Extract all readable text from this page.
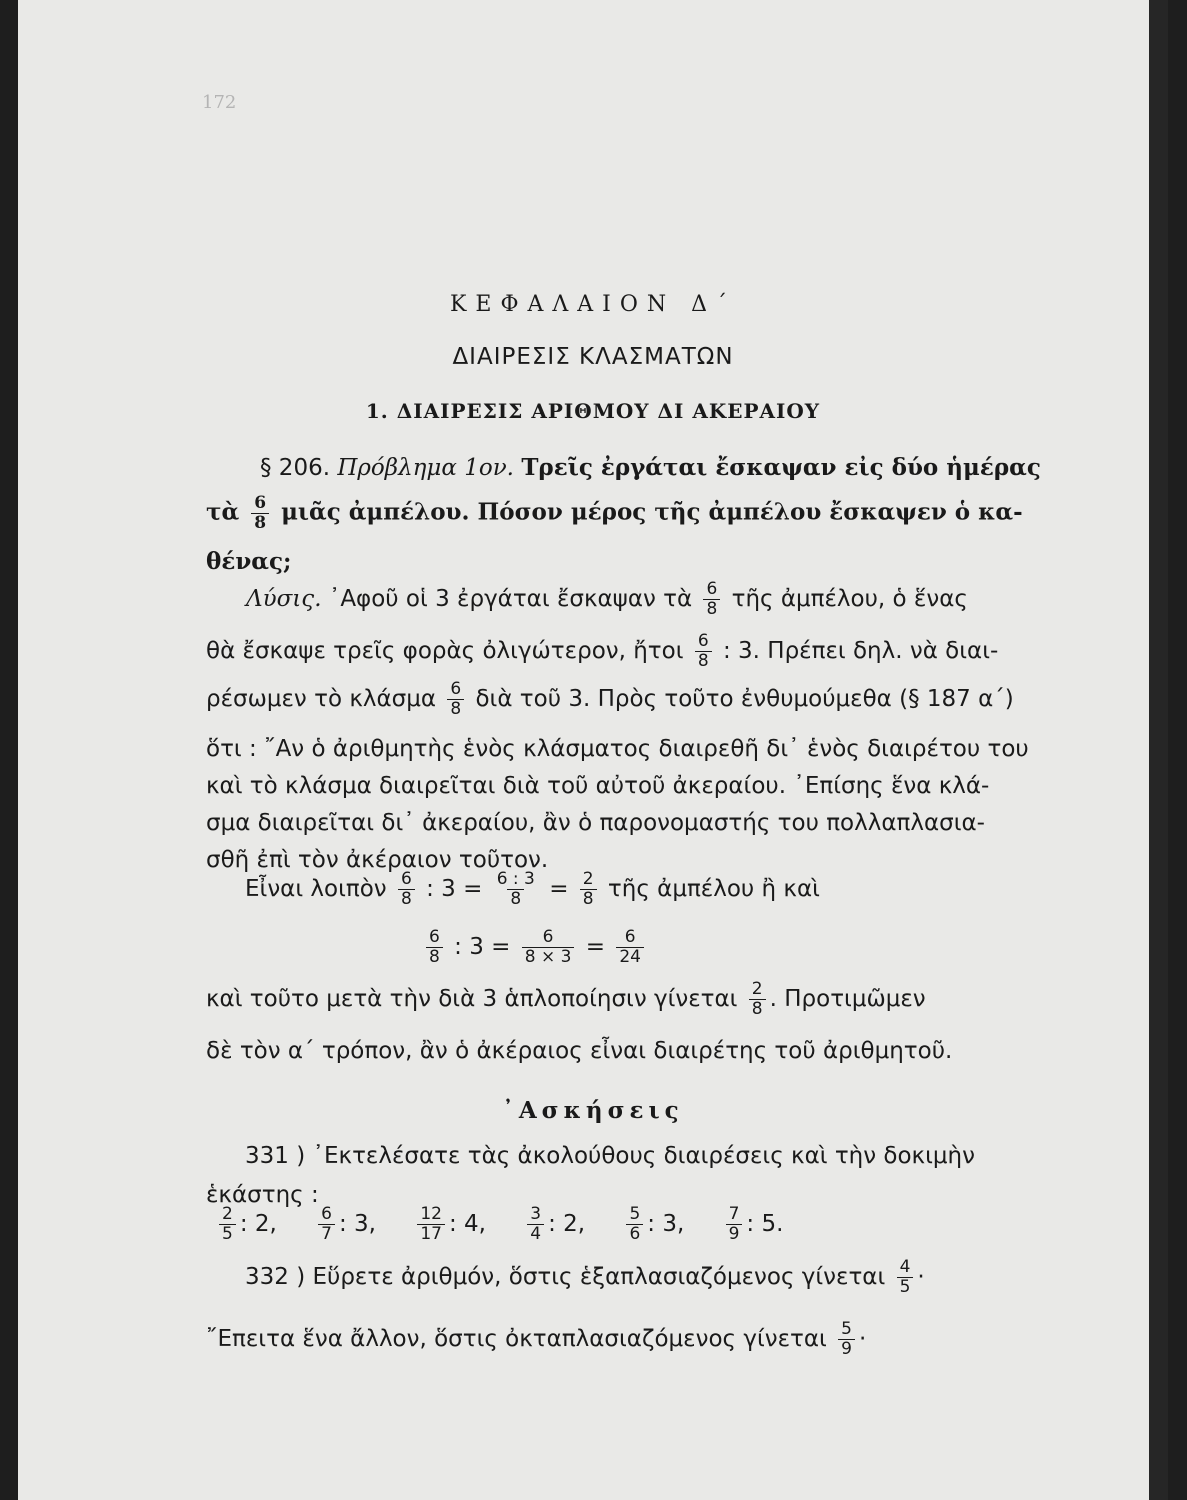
172
ΚΕΦΑΛΑΙΟΝ Δ΄
ΔΙΑΙΡΕΣΙΣ ΚΛΑΣΜΑΤΩΝ
1. ΔΙΑΙΡΕΣΙΣ ΑΡΙΘΜΟΥ ΔΙ ΑΚΕΡΑΙΟΥ
§ 206. Πρόβλημα 1ον. Τρεῖς ἐργάται ἔσκαψαν εἰς δύο ἡμέρας
τὰ $\frac{6}{8}$ μιᾶς ἀμπέλου. Πόσον μέρος τῆς ἀμπέλου ἔσκαψεν ὁ κα-
θένας;
Λύσις. ᾿Αφοῦ οἱ 3 ἐργάται ἔσκαψαν τὰ $\frac{6}{8}$ τῆς ἀμπέλου, ὁ ἕνας
θὰ ἔσκαψε τρεῖς φορὰς ὀλιγώτερον, ἤτοι $\frac{6}{8}$ : 3. Πρέπει δηλ. νὰ διαι-
ρέσωμεν τὸ κλάσμα $\frac{6}{8}$ διὰ τοῦ 3. Πρὸς τοῦτο ἐνθυμούμεθα (§ 187 α΄)
ὅτι : ῎Αν ὁ ἀριθμητὴς ἑνὸς κλάσματος διαιρεθῆ δι᾿ ἑνὸς διαιρέτου του
καὶ τὸ κλάσμα διαιρεῖται διὰ τοῦ αὐτοῦ ἀκεραίου. ᾿Επίσης ἕνα κλά-
σμα διαιρεῖται δι᾿ ἀκεραίου, ἂν ὁ παρονομαστής του πολλαπλασια-
σθῆ ἐπὶ τὸν ἀκέραιον τοῦτον.
Εἶναι λοιπὸν $\frac{6}{8}$ : $3 = \frac{6 : 3}{8} = \frac{2}{8}$ τῆς ἀμπέλου ἢ καὶ
$\frac{6}{8}$ : $3 = \frac{6}{8 \times 3} = \frac{6}{24}$
καὶ τοῦτο μετὰ τὴν διὰ 3 ἁπλοποίησιν γίνεται $\frac{2}{8}$ . Προτιμῶμεν
δὲ τὸν α΄ τρόπον, ἂν ὁ ἀκέραιος εἶναι διαιρέτης τοῦ ἀριθμητοῦ.
᾿Ασκήσεις
331 ) ᾿Εκτελέσατε τὰς ἀκολούθους διαιρέσεις καὶ τὴν δοκιμὴν
ἑκάστης :
$\frac{2}{5}$ : 2, $\frac{6}{7}$ : 3, $\frac{12}{17}$ : 4, $\frac{3}{4}$ : 2, $\frac{5}{6}$ : 3, $\frac{7}{9}$ : 5.
332 ) Εὕρετε ἀριθμόν, ὅστις ἑξαπλασιαζόμενος γίνεται $\frac{4}{5}$ ·
῎Επειτα ἕνα ἄλλον, ὅστις ὀκταπλασιαζόμενος γίνεται $\frac{5}{9}$ ·
